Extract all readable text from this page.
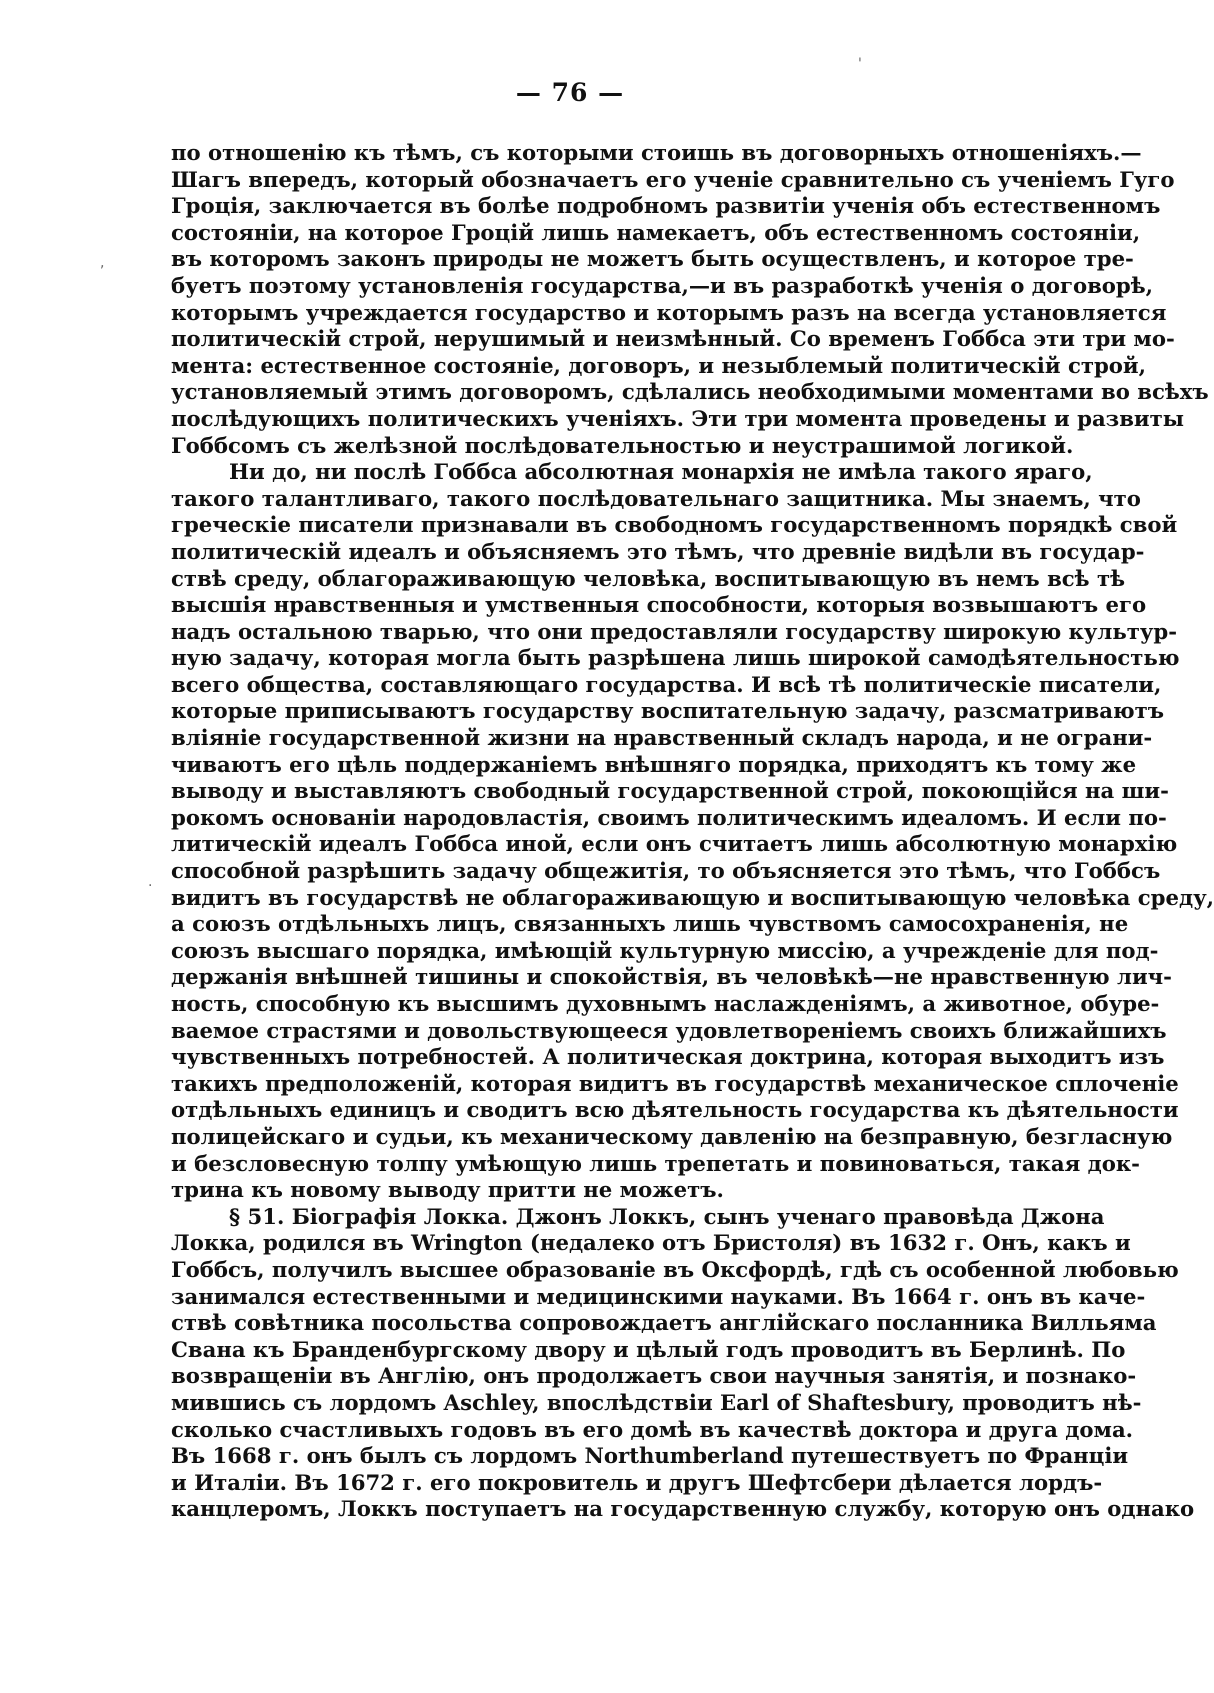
— 76 —
'
,
·
по отношенію къ тѣмъ, съ которыми стоишь въ договорныхъ отношеніяхъ.—
Шагъ впередъ, который обозначаетъ его ученіе сравнительно съ ученіемъ Гуго
Гроція, заключается въ болѣе подробномъ развитіи ученія объ естественномъ
состояніи, на которое Гроцій лишь намекаетъ, объ естественномъ состояніи,
въ которомъ законъ природы не можетъ быть осуществленъ, и которое тре-
буетъ поэтому установленія государства,—и въ разработкѣ ученія о договорѣ,
которымъ учреждается государство и которымъ разъ на всегда установляется
политическій строй, нерушимый и неизмѣнный. Со временъ Гоббса эти три мо-
мента: естественное состояніе, договоръ, и незыблемый политическій строй,
установляемый этимъ договоромъ, сдѣлались необходимыми моментами во всѣхъ
послѣдующихъ политическихъ ученіяхъ. Эти три момента проведены и развиты
Гоббсомъ съ желѣзной послѣдовательностью и неустрашимой логикой.
Ни до, ни послѣ Гоббса абсолютная монархія не имѣла такого яраго,
такого талантливаго, такого послѣдовательнаго защитника. Мы знаемъ, что
греческіе писатели признавали въ свободномъ государственномъ порядкѣ свой
политическій идеалъ и объясняемъ это тѣмъ, что древніе видѣли въ государ-
ствѣ среду, облагораживающую человѣка, воспитывающую въ немъ всѣ тѣ
высшія нравственныя и умственныя способности, которыя возвышаютъ его
надъ остальною тварью, что они предоставляли государству широкую культур-
ную задачу, которая могла быть разрѣшена лишь широкой самодѣятельностью
всего общества, составляющаго государства. И всѣ тѣ политическіе писатели,
которые приписываютъ государству воспитательную задачу, разсматриваютъ
вліяніе государственной жизни на нравственный складъ народа, и не ограни-
чиваютъ его цѣль поддержаніемъ внѣшняго порядка, приходятъ къ тому же
выводу и выставляютъ свободный государственной строй, покоющійся на ши-
рокомъ основаніи народовластія, своимъ политическимъ идеаломъ. И если по-
литическій идеалъ Гоббса иной, если онъ считаетъ лишь абсолютную монархію
способной разрѣшить задачу общежитія, то объясняется это тѣмъ, что Гоббсъ
видитъ въ государствѣ не облагораживающую и воспитывающую человѣка среду,
а союзъ отдѣльныхъ лицъ, связанныхъ лишь чувствомъ самосохраненія, не
союзъ высшаго порядка, имѣющій культурную миссію, а учрежденіе для под-
держанія внѣшней тишины и спокойствія, въ человѣкѣ—не нравственную лич-
ность, способную къ высшимъ духовнымъ наслажденіямъ, а животное, обуре-
ваемое страстями и довольствующееся удовлетвореніемъ своихъ ближайшихъ
чувственныхъ потребностей. А политическая доктрина, которая выходитъ изъ
такихъ предположеній, которая видитъ въ государствѣ механическое сплоченіе
отдѣльныхъ единицъ и сводитъ всю дѣятельность государства къ дѣятельности
полицейскаго и судьи, къ механическому давленію на безправную, безгласную
и безсловесную толпу умѣющую лишь трепетать и повиноваться, такая док-
трина къ новому выводу притти не можетъ.
§ 51. Біографія Локка. Джонъ Локкъ, сынъ ученаго правовѣда Джона
Локка, родился въ Wrington (недалеко отъ Бристоля) въ 1632 г. Онъ, какъ и
Гоббсъ, получилъ высшее образованіе въ Оксфордѣ, гдѣ съ особенной любовью
занимался естественными и медицинскими науками. Въ 1664 г. онъ въ каче-
ствѣ совѣтника посольства сопровождаетъ англійскаго посланника Вилльяма
Свана къ Бранденбургскому двору и цѣлый годъ проводитъ въ Берлинѣ. По
возвращеніи въ Англію, онъ продолжаетъ свои научныя занятія, и познако-
мившись съ лордомъ Aschley, впослѣдствіи Earl of Shaftesbury, проводитъ нѣ-
сколько счастливыхъ годовъ въ его домѣ въ качествѣ доктора и друга дома.
Въ 1668 г. онъ былъ съ лордомъ Northumberland путешествуетъ по Франціи
и Италіи. Въ 1672 г. его покровитель и другъ Шефтсбери дѣлается лордъ-
канцлеромъ, Локкъ поступаетъ на государственную службу, которую онъ однако
